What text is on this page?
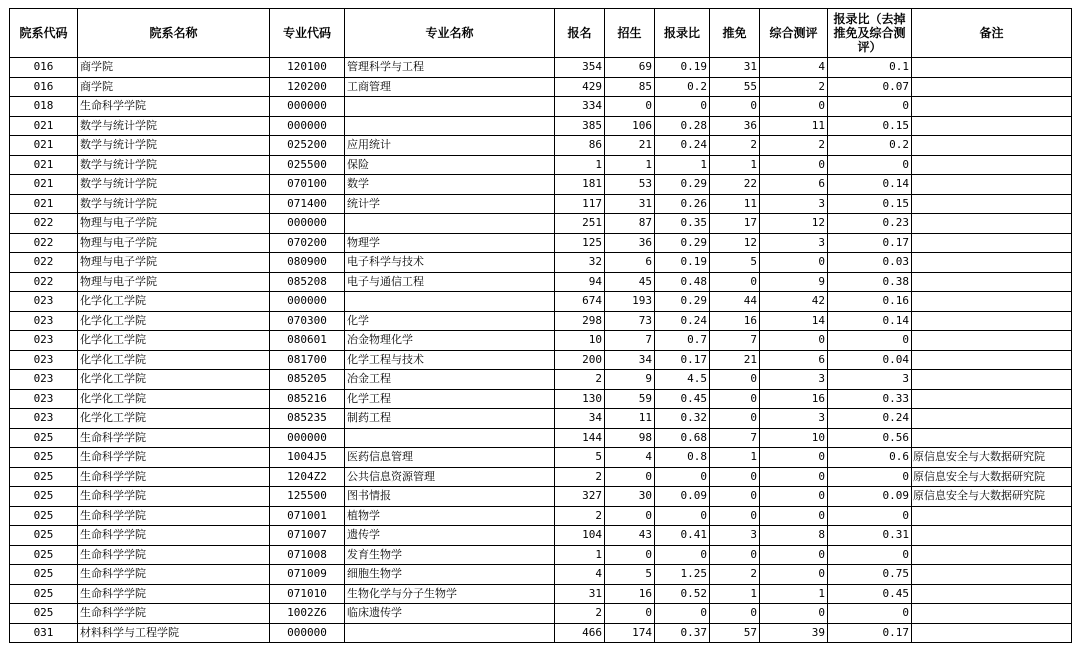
院系代码	院系名称	专业代码	专业名称	报名	招生	报录比	推免	综合测评	报录比（去掉推免及综合测评）	备注
016	商学院	120100	管理科学与工程	354	69	0.19	31	4	0.1	
016	商学院	120200	工商管理	429	85	0.2	55	2	0.07	
018	生命科学学院	000000		334	0	0	0	0	0	
021	数学与统计学院	000000		385	106	0.28	36	11	0.15	
021	数学与统计学院	025200	应用统计	86	21	0.24	2	2	0.2	
021	数学与统计学院	025500	保险	1	1	1	1	0	0	
021	数学与统计学院	070100	数学	181	53	0.29	22	6	0.14	
021	数学与统计学院	071400	统计学	117	31	0.26	11	3	0.15	
022	物理与电子学院	000000		251	87	0.35	17	12	0.23	
022	物理与电子学院	070200	物理学	125	36	0.29	12	3	0.17	
022	物理与电子学院	080900	电子科学与技术	32	6	0.19	5	0	0.03	
022	物理与电子学院	085208	电子与通信工程	94	45	0.48	0	9	0.38	
023	化学化工学院	000000		674	193	0.29	44	42	0.16	
023	化学化工学院	070300	化学	298	73	0.24	16	14	0.14	
023	化学化工学院	080601	冶金物理化学	10	7	0.7	7	0	0	
023	化学化工学院	081700	化学工程与技术	200	34	0.17	21	6	0.04	
023	化学化工学院	085205	冶金工程	2	9	4.5	0	3	3	
023	化学化工学院	085216	化学工程	130	59	0.45	0	16	0.33	
023	化学化工学院	085235	制药工程	34	11	0.32	0	3	0.24	
025	生命科学学院	000000		144	98	0.68	7	10	0.56	
025	生命科学学院	1004J5	医药信息管理	5	4	0.8	1	0	0.6	原信息安全与大数据研究院
025	生命科学学院	1204Z2	公共信息资源管理	2	0	0	0	0	0	原信息安全与大数据研究院
025	生命科学学院	125500	图书情报	327	30	0.09	0	0	0.09	原信息安全与大数据研究院
025	生命科学学院	071001	植物学	2	0	0	0	0	0	
025	生命科学学院	071007	遗传学	104	43	0.41	3	8	0.31	
025	生命科学学院	071008	发育生物学	1	0	0	0	0	0	
025	生命科学学院	071009	细胞生物学	4	5	1.25	2	0	0.75	
025	生命科学学院	071010	生物化学与分子生物学	31	16	0.52	1	1	0.45	
025	生命科学学院	1002Z6	临床遗传学	2	0	0	0	0	0	
031	材料科学与工程学院	000000		466	174	0.37	57	39	0.17	
